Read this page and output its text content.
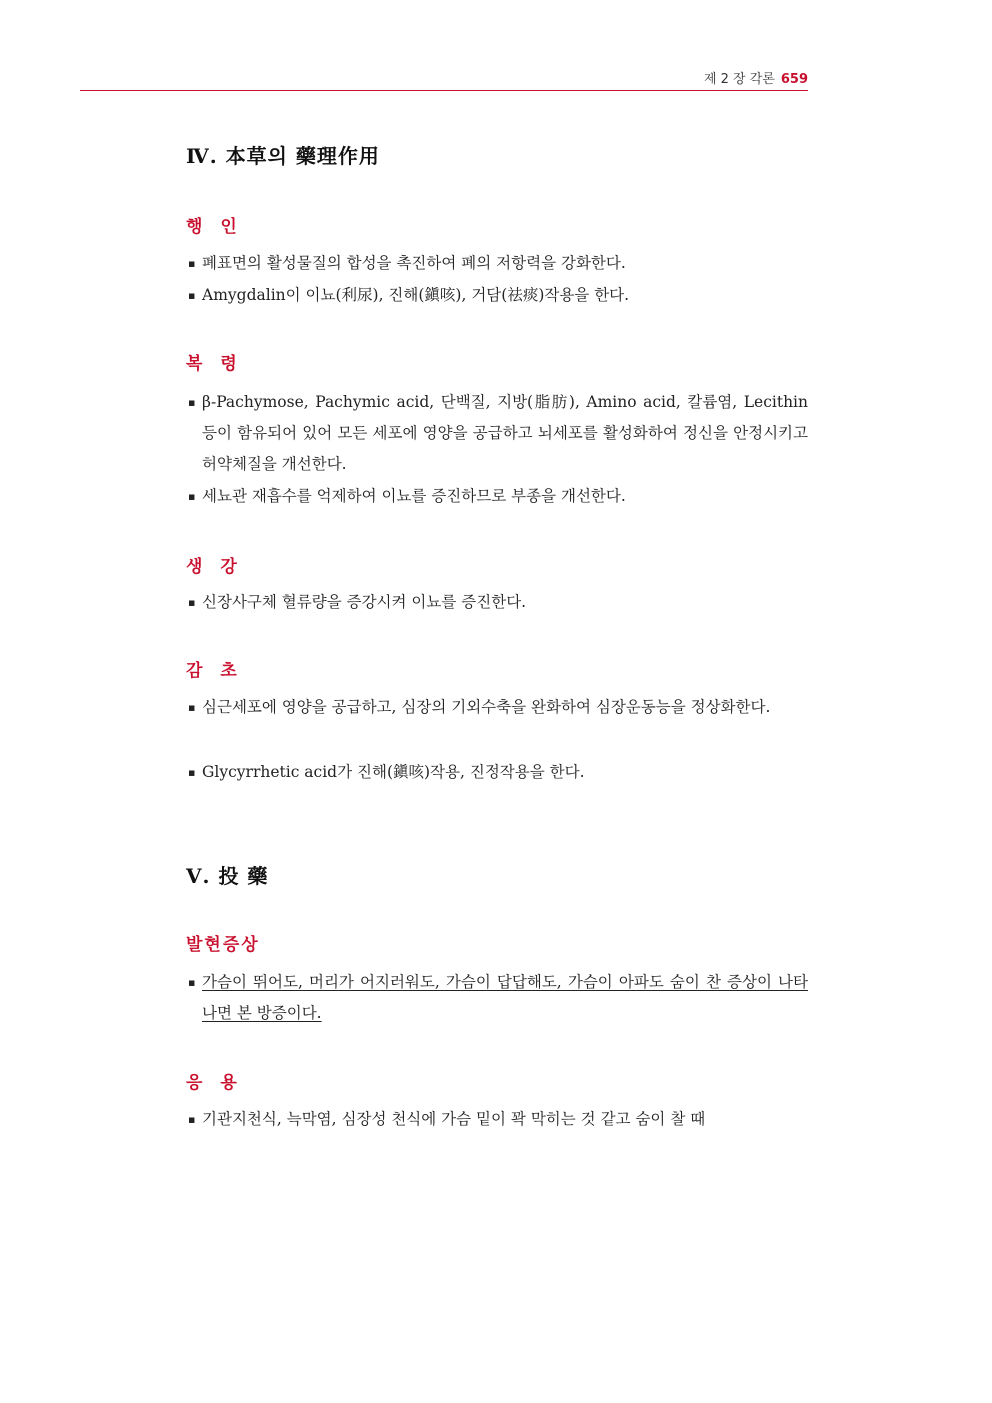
제 2 장 각론 659
Ⅳ. 本草의 藥理作用
행 인
▪ 폐표면의 활성물질의 합성을 촉진하여 폐의 저항력을 강화한다.
▪ Amygdalin이 이뇨(利尿), 진해(鎭咳), 거담(祛痰)작용을 한다.
복 령
▪ β-Pachymose, Pachymic acid, 단백질, 지방(脂肪), Amino acid, 칼륨염, Lecithin 등이 함유되어 있어 모든 세포에 영양을 공급하고 뇌세포를 활성화하여 정신을 안정시키고 허약체질을 개선한다.
▪ 세뇨관 재흡수를 억제하여 이뇨를 증진하므로 부종을 개선한다.
생 강
▪ 신장사구체 혈류량을 증강시켜 이뇨를 증진한다.
감 초
▪ 심근세포에 영양을 공급하고, 심장의 기외수축을 완화하여 심장운동능을 정상화한다.
▪ Glycyrrhetic acid가 진해(鎭咳)작용, 진정작용을 한다.
Ⅴ. 投 藥
발현증상
▪ 가슴이 뛰어도, 머리가 어지러워도, 가슴이 답답해도, 가슴이 아파도 숨이 찬 증상이 나타나면 본 방증이다.
응 용
▪ 기관지천식, 늑막염, 심장성 천식에 가슴 밑이 꽉 막히는 것 같고 숨이 찰 때
